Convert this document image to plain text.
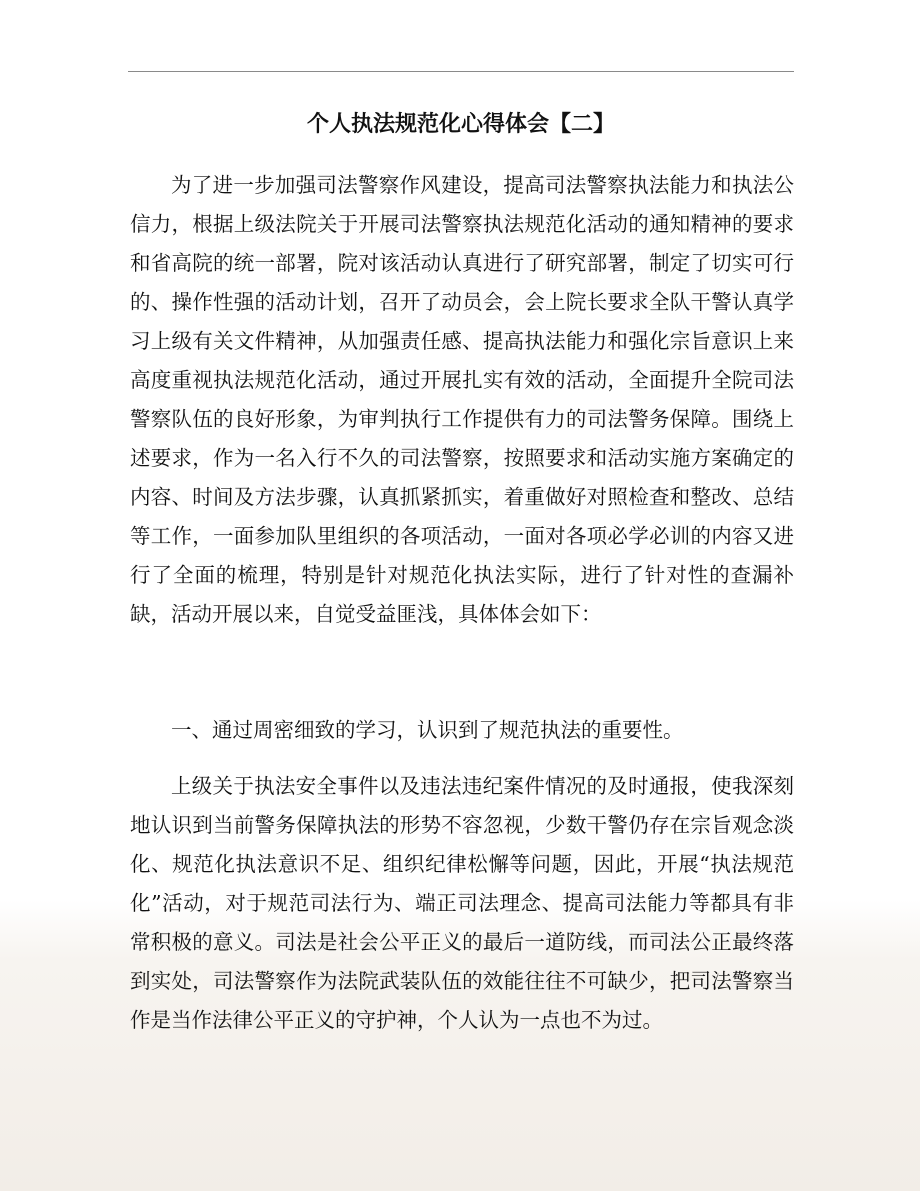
个人执法规范化心得体会【二】

为了进一步加强司法警察作风建设，提高司法警察执法能力和执法公信力，根据上级法院关于开展司法警察执法规范化活动的通知精神的要求和省高院的统一部署，院对该活动认真进行了研究部署，制定了切实可行的、操作性强的活动计划，召开了动员会，会上院长要求全队干警认真学习上级有关文件精神，从加强责任感、提高执法能力和强化宗旨意识上来高度重视执法规范化活动，通过开展扎实有效的活动，全面提升全院司法警察队伍的良好形象，为审判执行工作提供有力的司法警务保障。围绕上述要求，作为一名入行不久的司法警察，按照要求和活动实施方案确定的内容、时间及方法步骤，认真抓紧抓实，着重做好对照检查和整改、总结等工作，一面参加队里组织的各项活动，一面对各项必学必训的内容又进行了全面的梳理，特别是针对规范化执法实际，进行了针对性的查漏补缺，活动开展以来，自觉受益匪浅，具体体会如下：

一、通过周密细致的学习，认识到了规范执法的重要性。

上级关于执法安全事件以及违法违纪案件情况的及时通报，使我深刻地认识到当前警务保障执法的形势不容忽视，少数干警仍存在宗旨观念淡化、规范化执法意识不足、组织纪律松懈等问题，因此，开展“执法规范化”活动，对于规范司法行为、端正司法理念、提高司法能力等都具有非常积极的意义。司法是社会公平正义的最后一道防线，而司法公正最终落到实处，司法警察作为法院武装队伍的效能往往不可缺少，把司法警察当作是当作法律公平正义的守护神，个人认为一点也不为过。
